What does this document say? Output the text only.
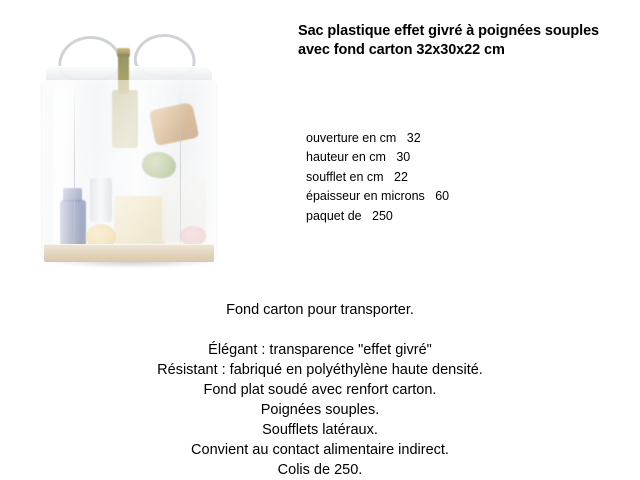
Sac plastique effet givré à poignées souples avec fond carton 32x30x22 cm
ouverture en cm 32
hauteur en cm 30
soufflet en cm 22
épaisseur en microns 60
paquet de 250
Fond carton pour transporter.
Élégant : transparence "effet givré"
Résistant : fabriqué en polyéthylène haute densité.
Fond plat soudé avec renfort carton.
Poignées souples.
Soufflets latéraux.
Convient au contact alimentaire indirect.
Colis de 250.
